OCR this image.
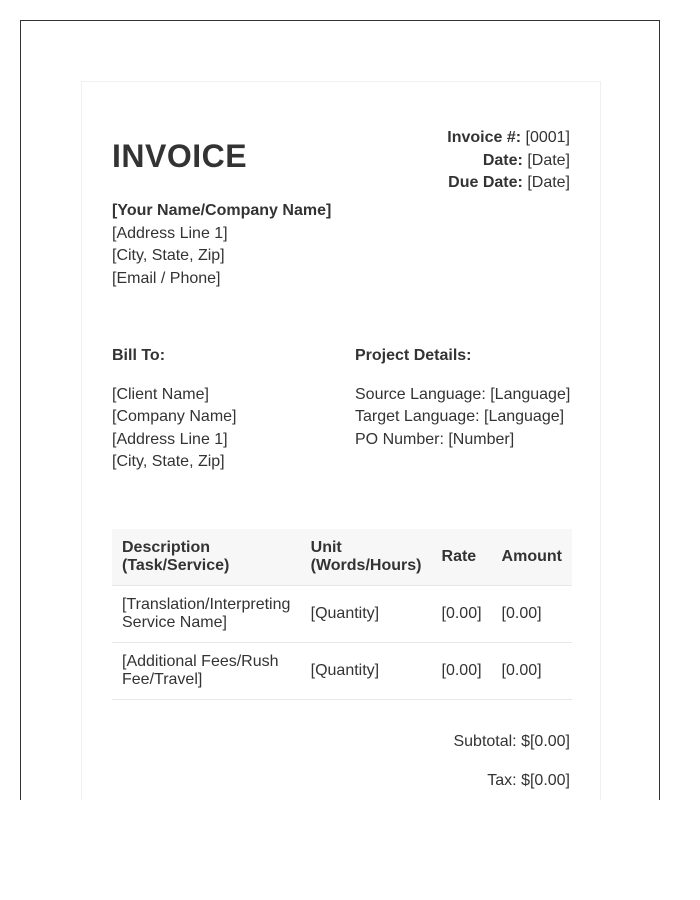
INVOICE
Invoice #: [0001]
Date: [Date]
Due Date: [Date]
[Your Name/Company Name]
[Address Line 1]
[City, State, Zip]
[Email / Phone]
Bill To:
[Client Name]
[Company Name]
[Address Line 1]
[City, State, Zip]
Project Details:
Source Language: [Language]
Target Language: [Language]
PO Number: [Number]
Description (Task/Service)	Unit (Words/Hours)	Rate	Amount
[Translation/Interpreting Service Name]	[Quantity]	[0.00]	[0.00]
[Additional Fees/Rush Fee/Travel]	[Quantity]	[0.00]	[0.00]
Subtotal: $[0.00]
Tax: $[0.00]
